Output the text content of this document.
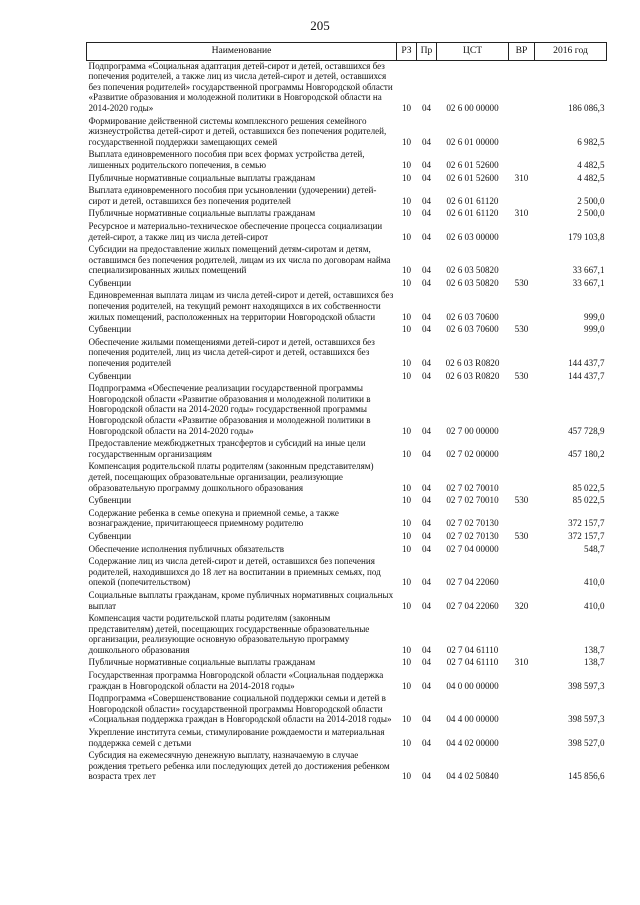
205
Наименование	РЗ	Пр	ЦСТ	ВР	2016 год
Подпрограмма «Социальная адаптация детей-сирот и детей, оставшихся без попечения родителей, а также лиц из числа детей-сирот и детей, оставшихся без попечения родителей» государственной программы Новгородской области «Развитие образования и молодежной политики в Новгородской области на 2014-2020 годы»	10	04	02 6 00 00000		186 086,3
Формирование действенной системы комплексного решения семейного жизнеустройства детей-сирот и детей, оставшихся без попечения родителей, государственной поддержки замещающих семей	10	04	02 6 01 00000		6 982,5
Выплата единовременного пособия при всех формах устройства детей, лишенных родительского попечения, в семью	10	04	02 6 01 52600		4 482,5
Публичные нормативные социальные выплаты гражданам	10	04	02 6 01 52600	310	4 482,5
Выплата единовременного пособия при усыновлении (удочерении) детей-сирот и детей, оставшихся без попечения родителей	10	04	02 6 01 61120		2 500,0
Публичные нормативные социальные выплаты гражданам	10	04	02 6 01 61120	310	2 500,0
Ресурсное и материально-техническое обеспечение процесса социализации детей-сирот, а также лиц из числа детей-сирот	10	04	02 6 03 00000		179 103,8
Субсидии на предоставление жилых помещений детям-сиротам и детям, оставшимся без попечения родителей, лицам из их числа по договорам найма специализированных жилых помещений	10	04	02 6 03 50820		33 667,1
Субвенции	10	04	02 6 03 50820	530	33 667,1
Единовременная выплата лицам из числа детей-сирот и детей, оставшихся без попечения родителей, на текущий ремонт находящихся в их собственности жилых помещений, расположенных на территории Новгородской области	10	04	02 6 03 70600		999,0
Субвенции	10	04	02 6 03 70600	530	999,0
Обеспечение жилыми помещениями детей-сирот и детей, оставшихся без попечения родителей, лиц из числа детей-сирот и детей, оставшихся без попечения родителей	10	04	02 6 03 R0820		144 437,7
Субвенции	10	04	02 6 03 R0820	530	144 437,7
Подпрограмма «Обеспечение реализации государственной программы Новгородской области «Развитие образования и молодежной политики в Новгородской области на 2014-2020 годы» государственной программы Новгородской области «Развитие образования и молодежной политики в Новгородской области на 2014-2020 годы»	10	04	02 7 00 00000		457 728,9
Предоставление межбюджетных трансфертов и субсидий на иные цели государственным организациям	10	04	02 7 02 00000		457 180,2
Компенсация родительской платы родителям (законным представителям) детей, посещающих образовательные организации, реализующие образовательную программу дошкольного образования	10	04	02 7 02 70010		85 022,5
Субвенции	10	04	02 7 02 70010	530	85 022,5
Содержание ребенка в семье опекуна и приемной семье, а также вознаграждение, причитающееся приемному родителю	10	04	02 7 02 70130		372 157,7
Субвенции	10	04	02 7 02 70130	530	372 157,7
Обеспечение исполнения публичных обязательств	10	04	02 7 04 00000		548,7
Содержание лиц из числа детей-сирот и детей, оставшихся без попечения родителей, находившихся до 18 лет на воспитании в приемных семьях, под опекой (попечительством)	10	04	02 7 04 22060		410,0
Социальные выплаты гражданам, кроме публичных нормативных социальных выплат	10	04	02 7 04 22060	320	410,0
Компенсация части родительской платы родителям (законным представителям) детей, посещающих государственные образовательные организации, реализующие основную образовательную программу дошкольного образования	10	04	02 7 04 61110		138,7
Публичные нормативные социальные выплаты гражданам	10	04	02 7 04 61110	310	138,7
Государственная программа Новгородской области «Социальная поддержка граждан в Новгородской области на 2014-2018 годы»	10	04	04 0 00 00000		398 597,3
Подпрограмма «Совершенствование социальной поддержки семьи и детей в Новгородской области» государственной программы Новгородской области «Социальная поддержка граждан в Новгородской области на 2014-2018 годы»	10	04	04 4 00 00000		398 597,3
Укрепление института семьи, стимулирование рождаемости и материальная поддержка семей с детьми	10	04	04 4 02 00000		398 527,0
Субсидия на ежемесячную денежную выплату, назначаемую в случае рождения третьего ребенка или последующих детей до достижения ребенком возраста трех лет	10	04	04 4 02 50840		145 856,6
